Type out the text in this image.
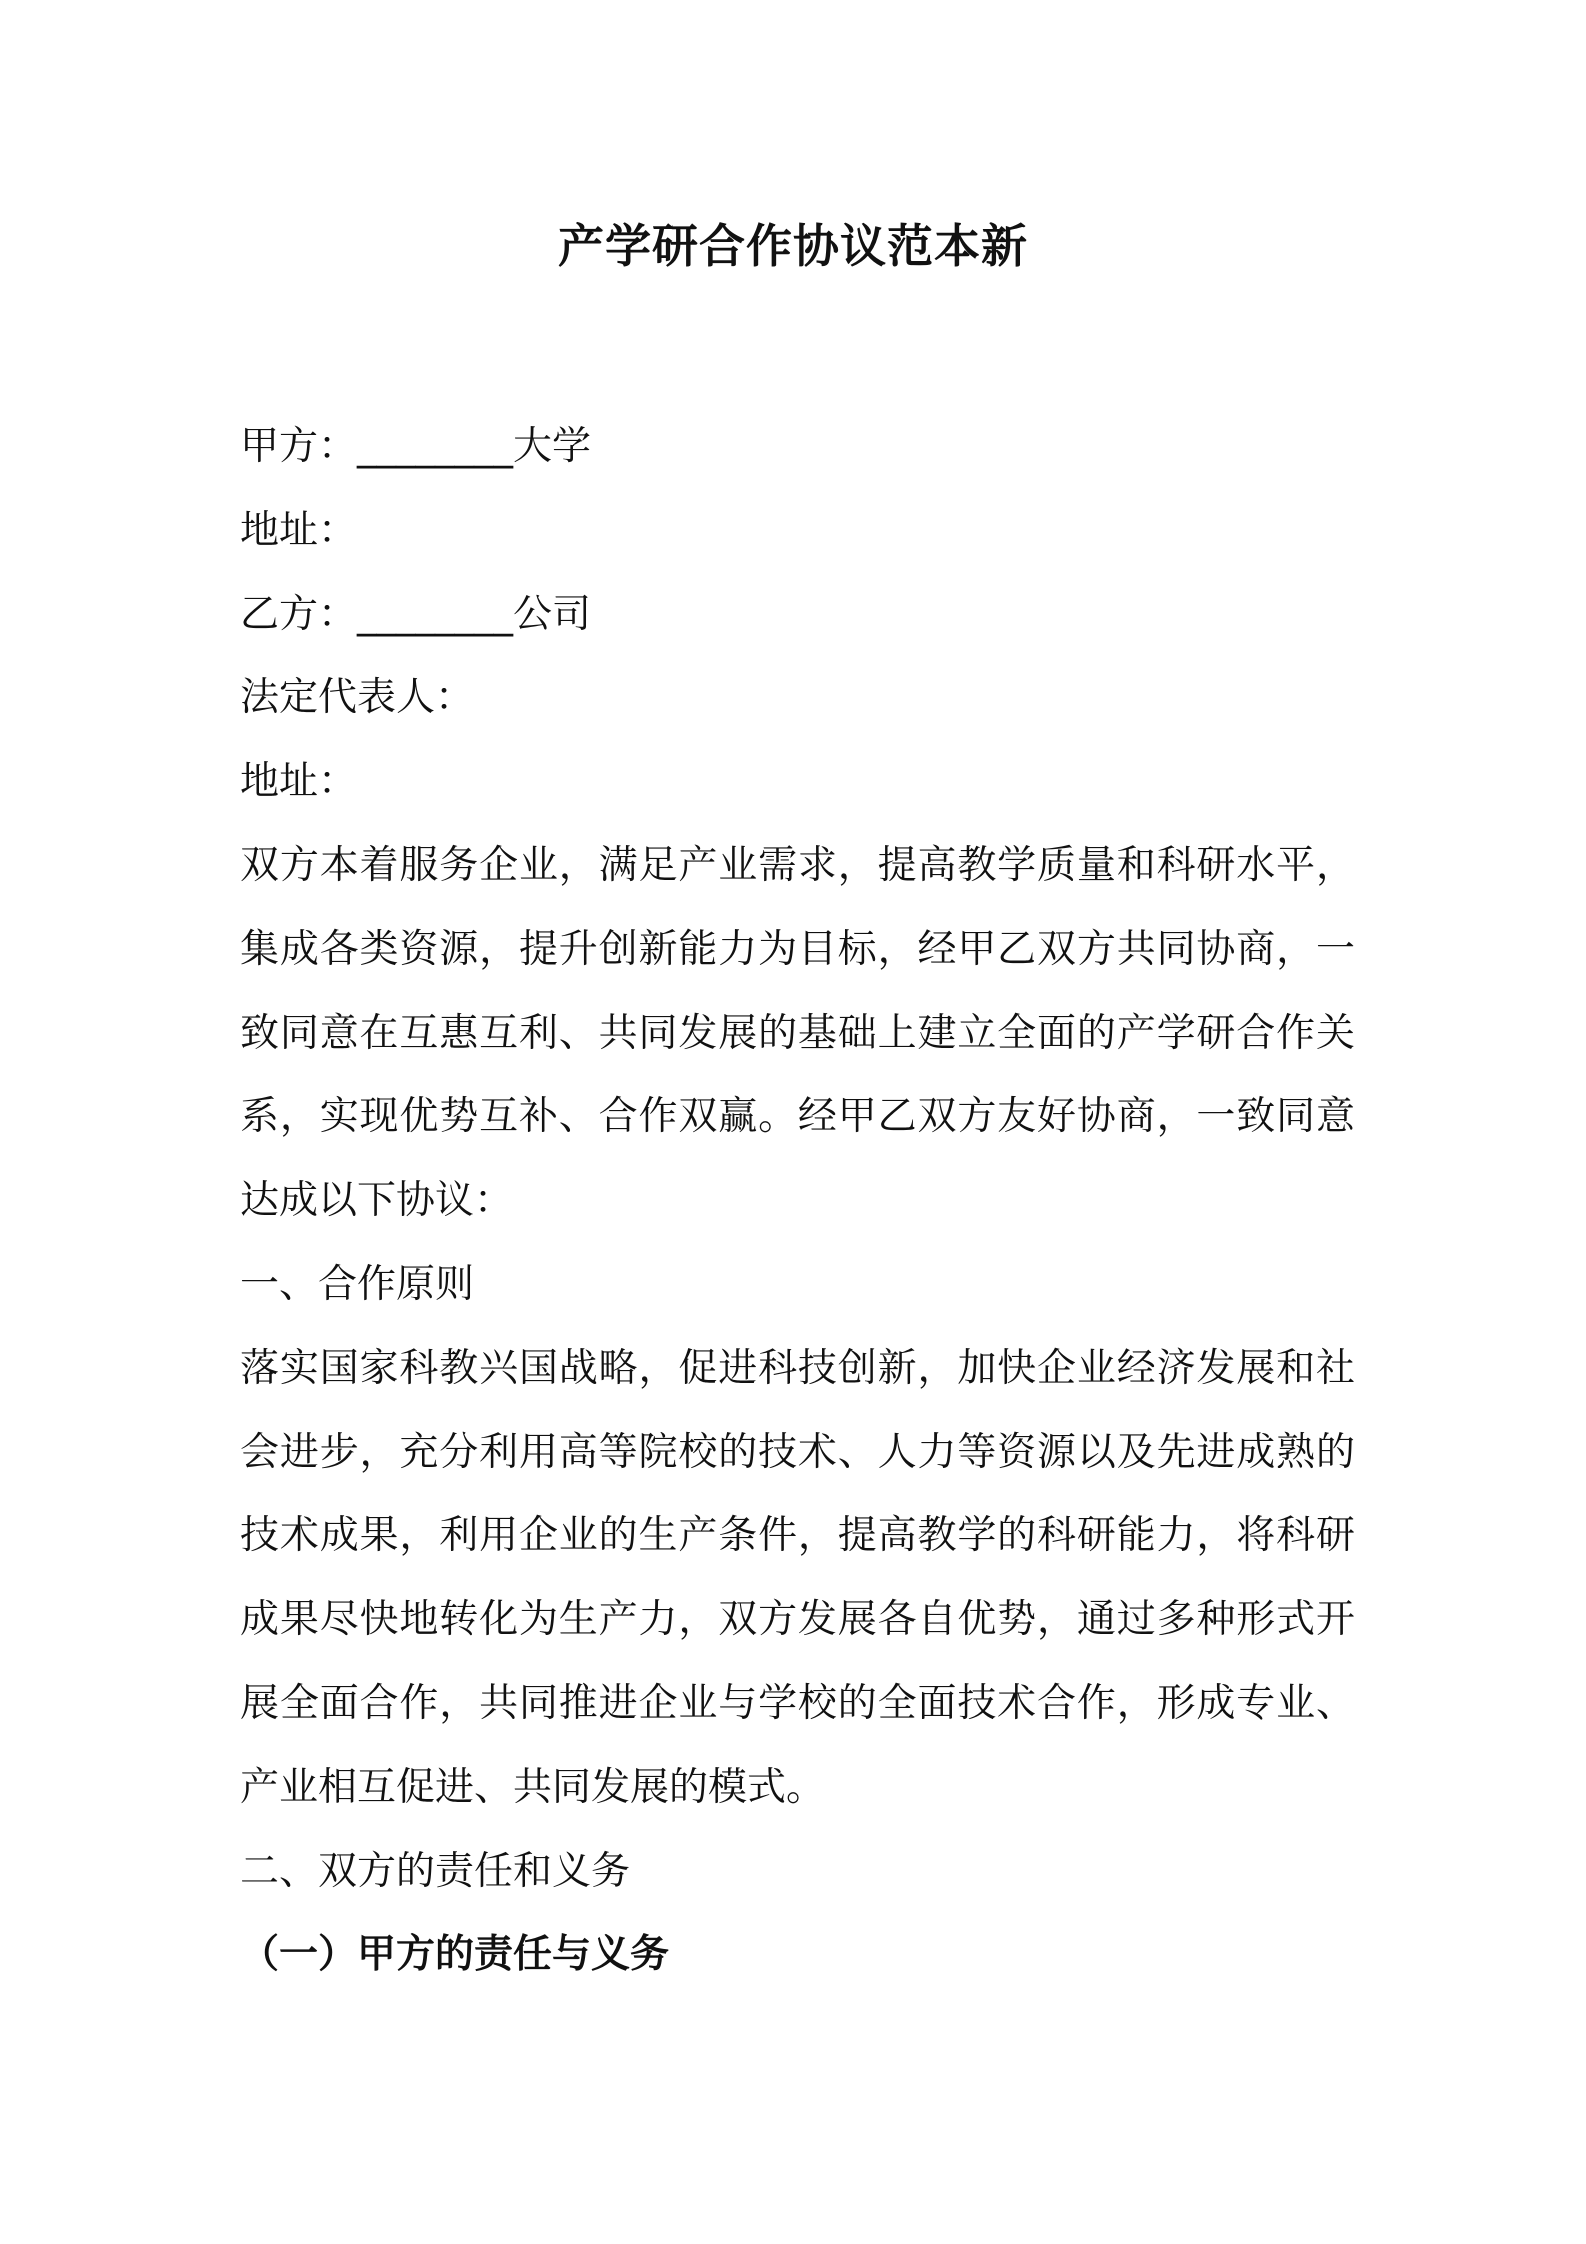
产学研合作协议范本新
甲方：________大学
地址：
乙方：________公司
法定代表人：
地址：
双方本着服务企业，满足产业需求，提高教学质量和科研水平，集成各类资源，提升创新能力为目标，经甲乙双方共同协商，一致同意在互惠互利、共同发展的基础上建立全面的产学研合作关系，实现优势互补、合作双赢。经甲乙双方友好协商，一致同意达成以下协议：
一、合作原则
落实国家科教兴国战略，促进科技创新，加快企业经济发展和社会进步，充分利用高等院校的技术、人力等资源以及先进成熟的技术成果，利用企业的生产条件，提高教学的科研能力，将科研成果尽快地转化为生产力，双方发展各自优势，通过多种形式开展全面合作，共同推进企业与学校的全面技术合作，形成专业、产业相互促进、共同发展的模式。
二、双方的责任和义务
（一）甲方的责任与义务
